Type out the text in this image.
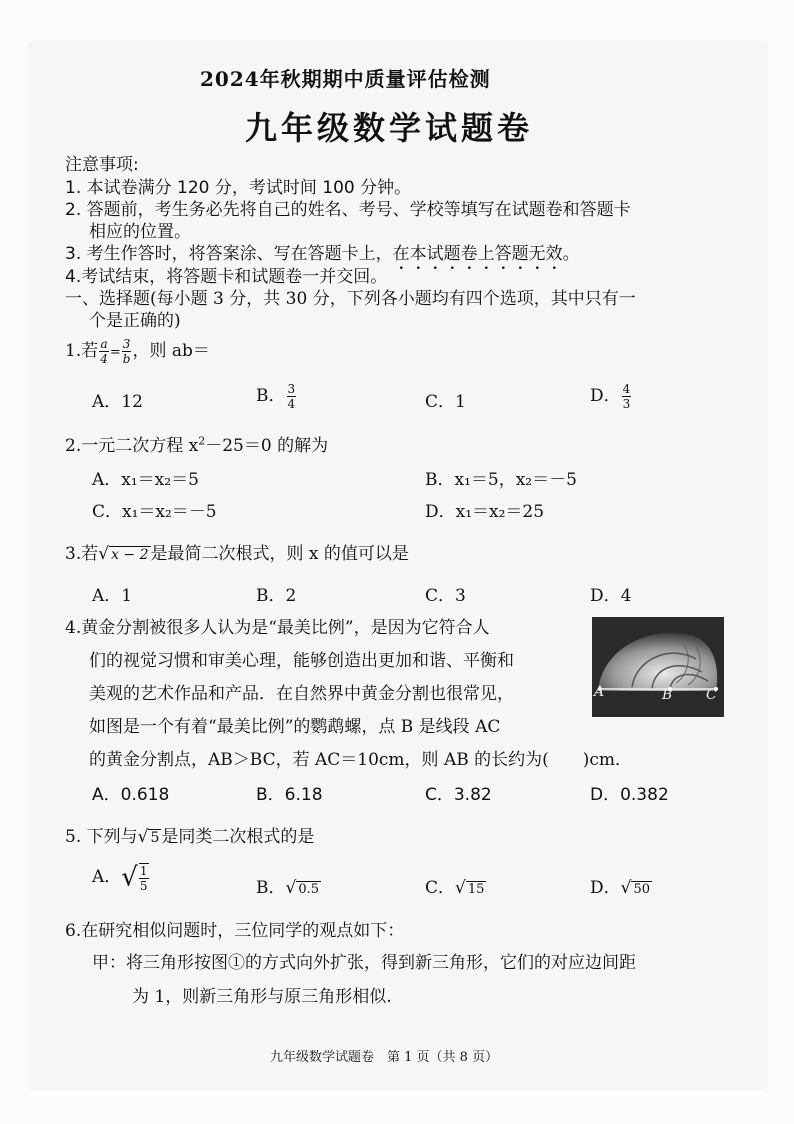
2024年秋期期中质量评估检测
九年级数学试题卷
注意事项:
1. 本试卷满分 120 分，考试时间 100 分钟。
2. 答题前，考生务必先将自己的姓名、考号、学校等填写在试题卷和答题卡
相应的位置。
3. 考生作答时，将答案涂、写在答题卡上，在本试题卷上答题无效。
4.考试结束，将答题卡和试题卷一并交回。
一、选择题(每小题 3 分，共 30 分，下列各小题均有四个选项，其中只有一
个是正确的)
1.若 $\frac{a}{4} = \frac{3}{b}$ ，则 ab＝
A．12	B． $\frac{3}{4}$	C．1	D． $\frac{4}{3}$
2.一元二次方程 $x^2-25=0$ 的解为
A．x₁＝x₂＝5	B．x₁＝5，x₂＝－5
C．x₁＝x₂＝－5	D．x₁＝x₂＝25
3.若√ x − 2 是最简二次根式，则 x 的值可以是
A．1	B．2	C．3	D．4
4.黄金分割被很多人认为是“最美比例”，是因为它符合人
们的视觉习惯和审美心理，能够创造出更加和谐、平衡和
美观的艺术作品和产品．在自然界中黄金分割也很常见，
如图是一个有着“最美比例”的鹦鹉螺，点 B 是线段 AC
的黄金分割点，AB＞BC，若 AC＝10cm，则 AB 的长约为(　　)cm．
A	B C
A．0.618	B．6.18	C．3.82	D．0.382
5. 下列与√ 5 是同类二次根式的是
A．√ $\frac{1}{5}$	B．√ 0.5	C．√ 15	D．√ 50
6.在研究相似问题时，三位同学的观点如下：
甲：将三角形按图①的方式向外扩张，得到新三角形，它们的对应边间距
为 1，则新三角形与原三角形相似.
九年级数学试题卷　第 1 页（共 8 页）
